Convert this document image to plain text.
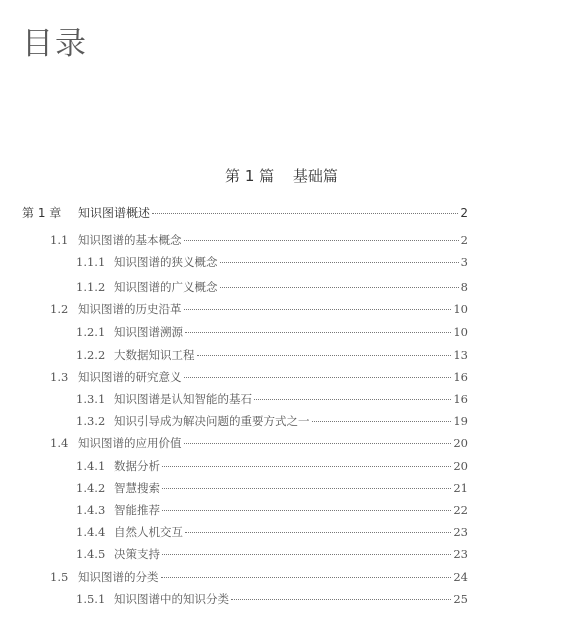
目录
第 1 篇 基础篇
第 1 章	知识图谱概述	2
1.1 知识图谱的基本概念	2
1.1.1 知识图谱的狭义概念	3
1.1.2 知识图谱的广义概念	8
1.2 知识图谱的历史沿革	10
1.2.1 知识图谱溯源	10
1.2.2 大数据知识工程	13
1.3 知识图谱的研究意义	16
1.3.1 知识图谱是认知智能的基石	16
1.3.2 知识引导成为解决问题的重要方式之一	19
1.4 知识图谱的应用价值	20
1.4.1 数据分析	20
1.4.2 智慧搜索	21
1.4.3 智能推荐	22
1.4.4 自然人机交互	23
1.4.5 决策支持	23
1.5 知识图谱的分类	24
1.5.1 知识图谱中的知识分类	25
